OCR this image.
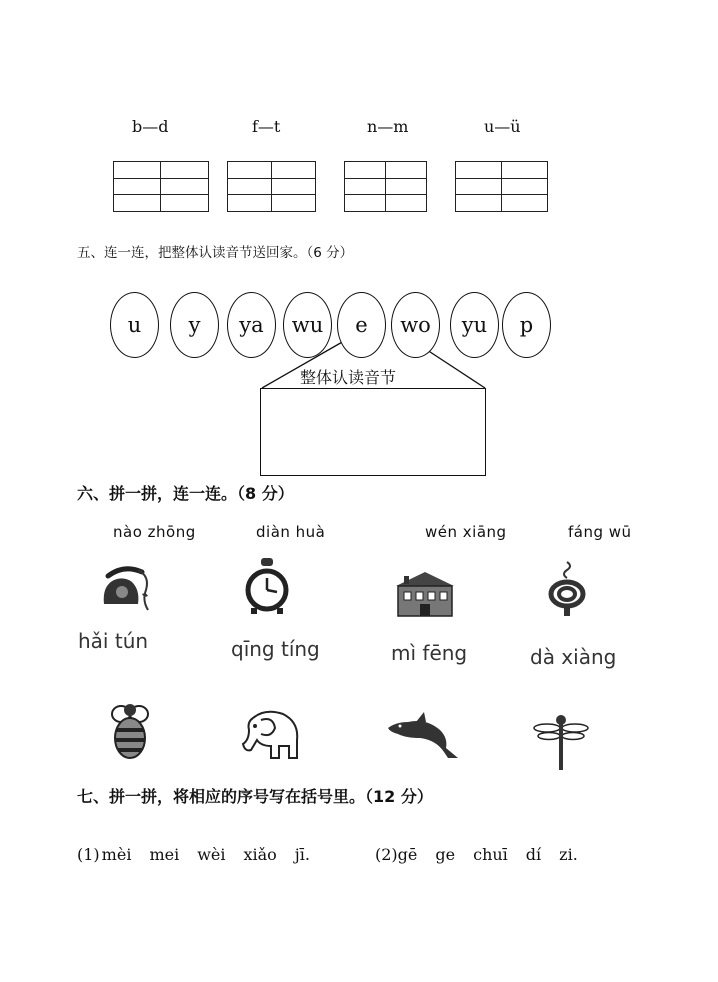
b—d	f—t	n—m	u—ü
五、连一连，把整体认读音节送回家。（6 分）
u y ya wu e wo yu p
整体认读音节
六、拼一拼，连一连。（8 分）
nào zhōng	diàn huà	wén xiāng	fáng wū
hǎi tún	qīng tíng	mì fēng	dà xiàng
七、拼一拼，将相应的序号写在括号里。（12 分）
(1) mèi mei wèi xiǎo jī.	(2)gē ge chuī dí zi.
